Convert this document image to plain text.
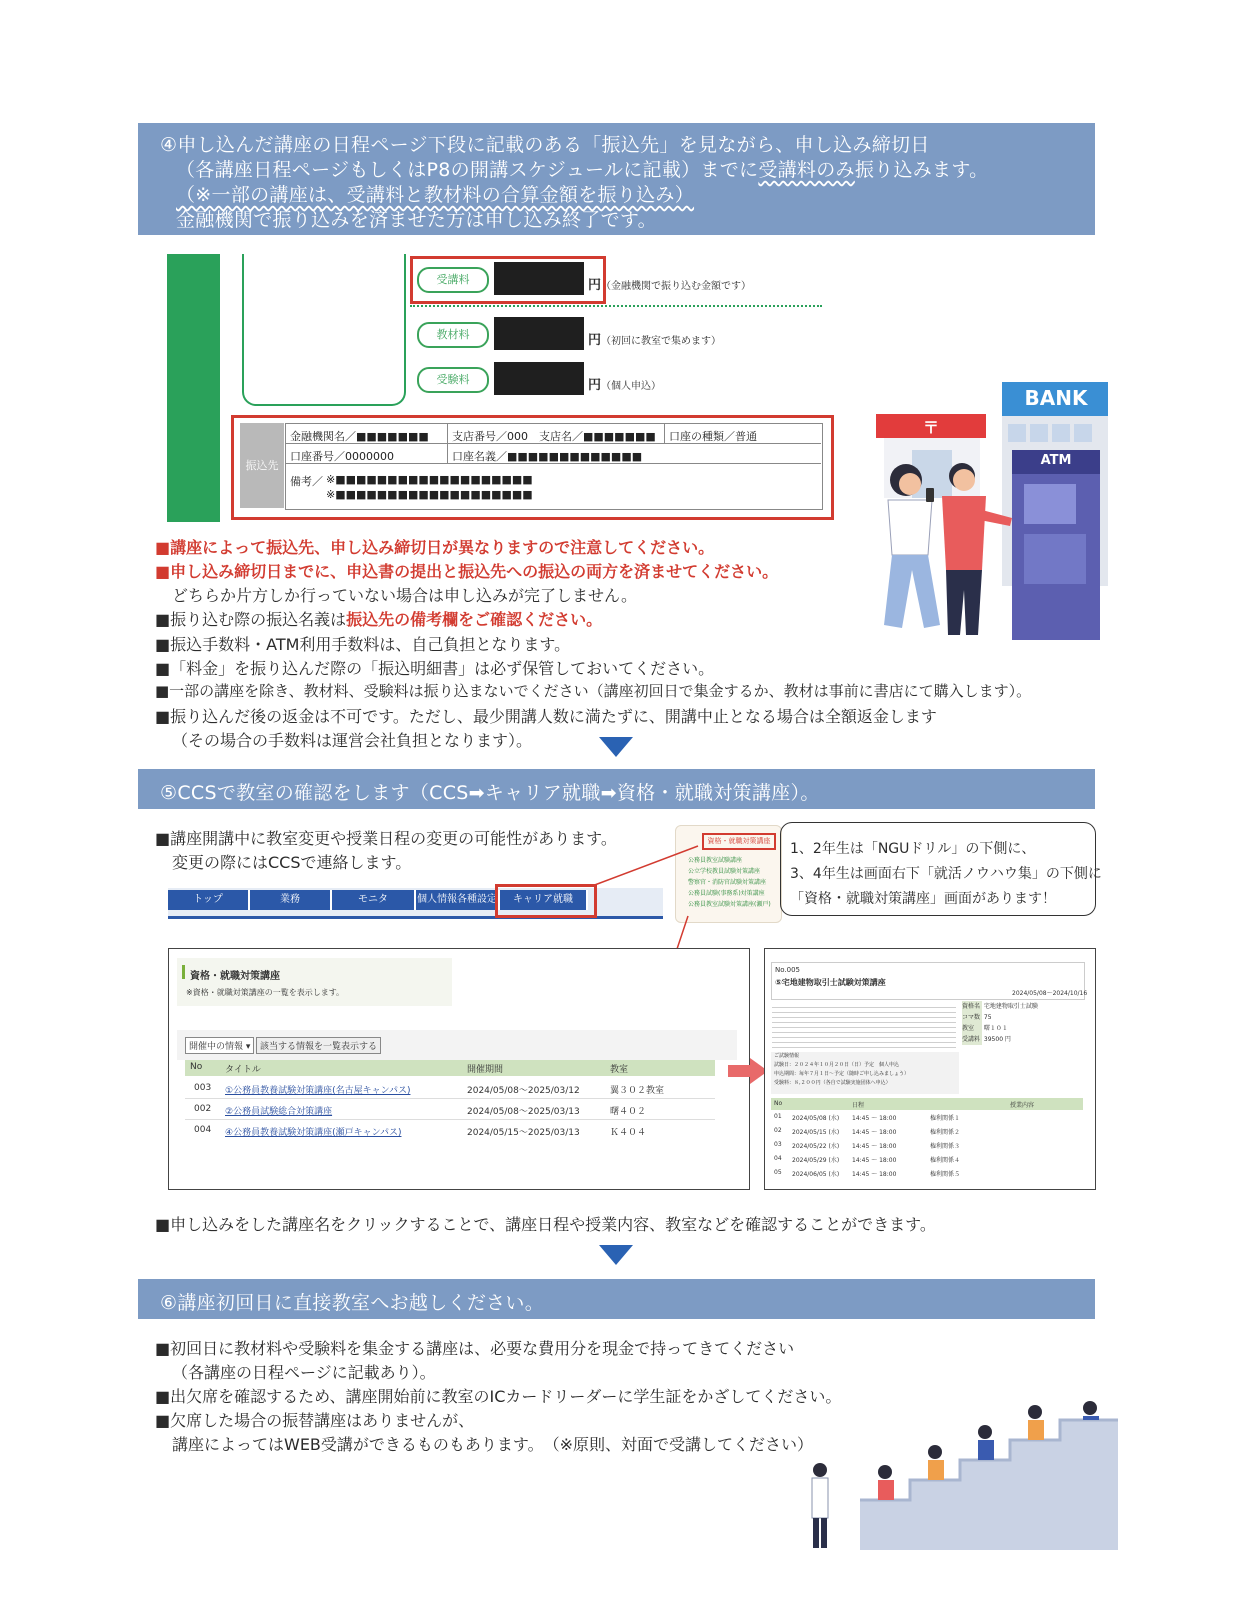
④申し込んだ講座の日程ページ下段に記載のある「振込先」を見ながら、申し込み締切日
（各講座日程ページもしくはP8の開講スケジュールに記載）までに受講料のみ振り込みます。
（※一部の講座は、受講料と教材料の合算金額を振り込み）
金融機関で振り込みを済ませた方は申し込み終了です。
受講料	円（金融機関で振り込む金額です）
教材料	円（初回に教室で集めます）
受験料	円（個人申込）
振込先
金融機関名／■■■■■■■ 支店番号／000　支店名／■■■■■■■ 口座の種類／普通
口座番号／0000000	口座名義／■■■■■■■■■■■■■
備考／ ※■■■■■■■■■■■■■■■■■■■
※■■■■■■■■■■■■■■■■■■■
BANK
〒
ATM
■講座によって振込先、申し込み締切日が異なりますので注意してください。
■申し込み締切日までに、申込書の提出と振込先への振込の両方を済ませてください。
どちらか片方しか行っていない場合は申し込みが完了しません。
■振り込む際の振込名義は振込先の備考欄をご確認ください。
■振込手数料・ATM利用手数料は、自己負担となります。
■「料金」を振り込んだ際の「振込明細書」は必ず保管しておいてください。
■一部の講座を除き、教材料、受験料は振り込まないでください（講座初回日で集金するか、教材は事前に書店にて購入します）。
■振り込んだ後の返金は不可です。ただし、最少開講人数に満たずに、開講中止となる場合は全額返金します
（その場合の手数料は運営会社負担となります）。
⑤CCSで教室の確認をします（CCS➡キャリア就職➡資格・就職対策講座）。
■講座開講中に教室変更や授業日程の変更の可能性があります。
変更の際にはCCSで連絡します。
資格・就職対策講座
公務員教室試験講座
公立学校教員試験対策講座
警察官・消防官試験対策講座
公務員試験(事務系)対策講座
公務員教室試験対策講座(瀬戸)
1、2年生は「NGUドリル」の下側に、
3、4年生は画面右下「就活ノウハウ集」の下側に
「資格・就職対策講座」画面があります！
トップ	業務	モニタ	個人情報各種設定	キャリア就職
資格・就職対策講座
※資格・就職対策講座の一覧を表示します。
開催中の情報 ▾	該当する情報を一覧表示する
No	タイトル	開催期間	教室
003 ①公務員教養試験対策講座(名古屋キャンパス)	2024/05/08～2025/03/12	翼３０２教室
002 ②公務員試験総合対策講座	2024/05/08～2025/03/13	曙４０２
004 ④公務員教養試験対策講座(瀬戸キャンパス)	2024/05/15～2025/03/13	Ｋ４０４
No.005
⑤宅地建物取引士試験対策講座
2024/05/08～2024/10/16
資格名 宅地建物取引士試験
コマ数 75
教室 曙１０１
受講料 39500 円
ご試験情報
試験日：２０２４年１０月２０日（日）予定　個人申込
申込期間：毎年７月１日～予定（随時ご申し込みましょう）
受験料：８,２００円（各自で試験実施団体へ申込）
No	日程	授業内容
01 2024/05/08 (水) 14:45 ～ 18:00	権利関係１
02 2024/05/15 (水) 14:45 ～ 18:00	権利関係２
03 2024/05/22 (水) 14:45 ～ 18:00	権利関係３
04 2024/05/29 (水) 14:45 ～ 18:00	権利関係４
05 2024/06/05 (水) 14:45 ～ 18:00	権利関係５
■申し込みをした講座名をクリックすることで、講座日程や授業内容、教室などを確認することができます。
⑥講座初回日に直接教室へお越しください。
■初回日に教材料や受験料を集金する講座は、必要な費用分を現金で持ってきてください
（各講座の日程ページに記載あり）。
■出欠席を確認するため、講座開始前に教室のICカードリーダーに学生証をかざしてください。
■欠席した場合の振替講座はありませんが、
講座によってはWEB受講ができるものもあります。　（※原則、対面で受講してください）
